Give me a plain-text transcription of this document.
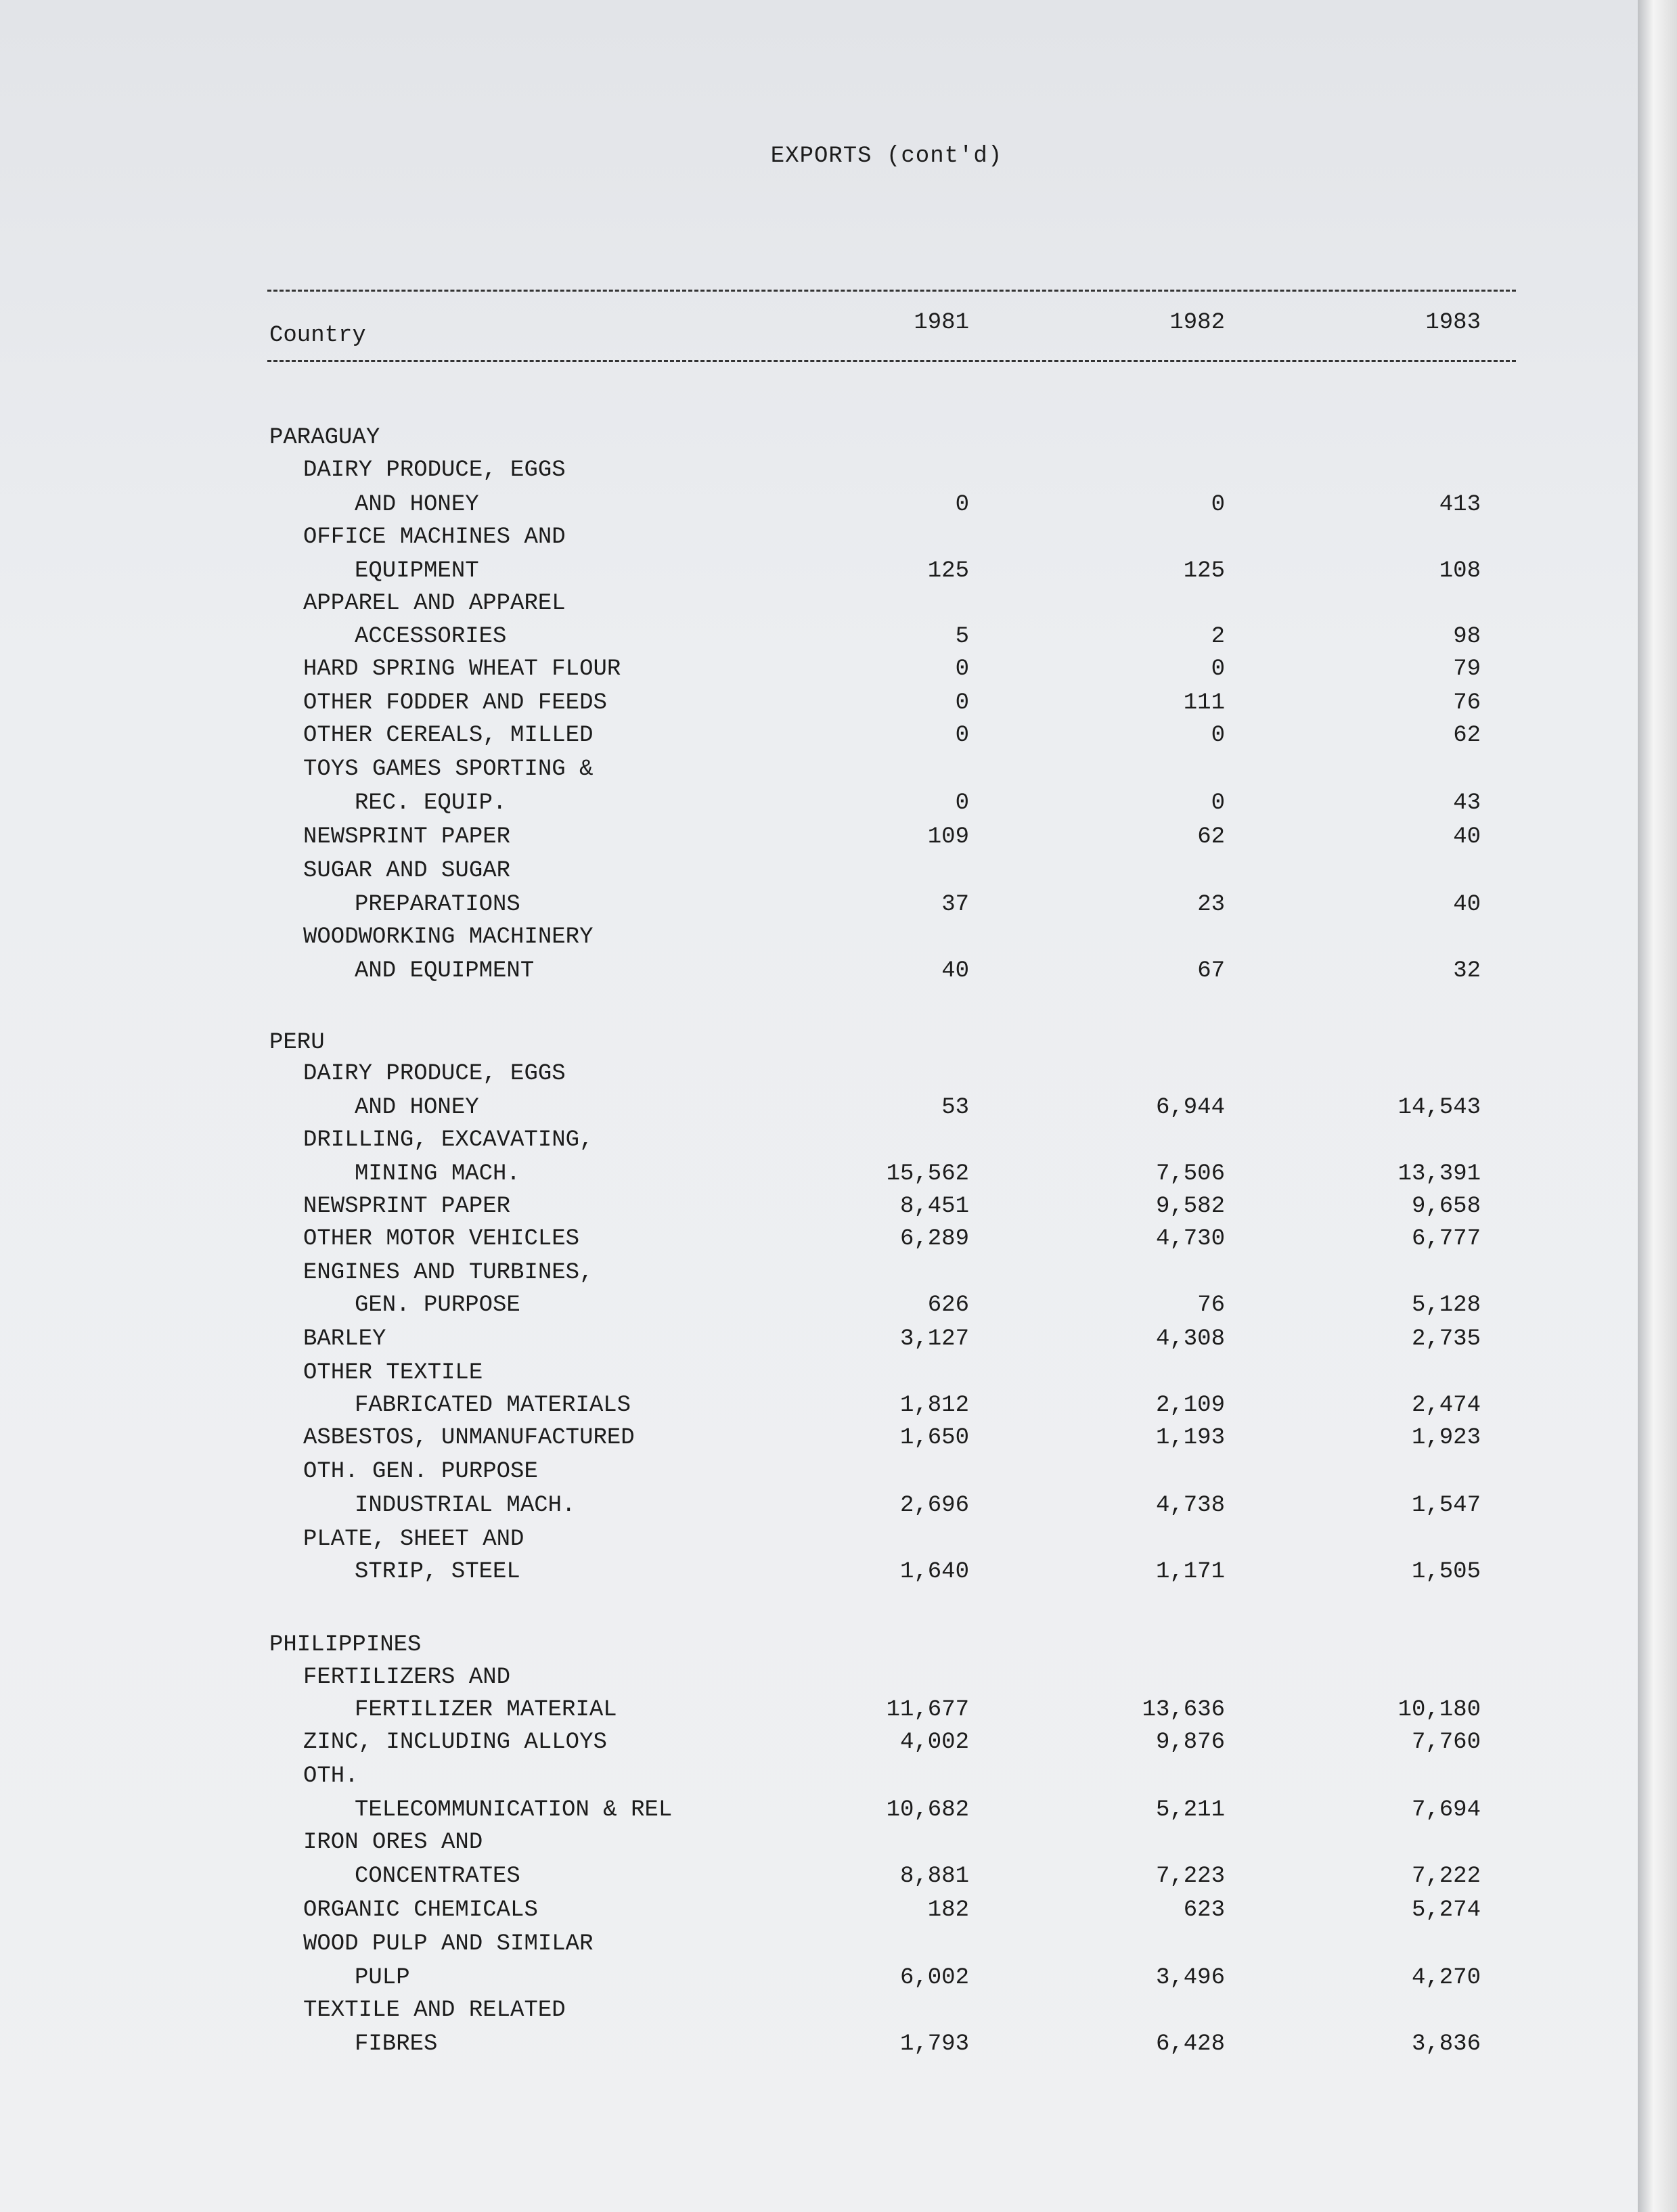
EXPORTS (cont'd)
Country	1981	1982	1983
PARAGUAY
DAIRY PRODUCE, EGGS
AND HONEY	0	0	413
OFFICE MACHINES AND
EQUIPMENT	125	125	108
APPAREL AND APPAREL
ACCESSORIES	5	2	98
HARD SPRING WHEAT FLOUR	0	0	79
OTHER FODDER AND FEEDS	0	111	76
OTHER CEREALS, MILLED	0	0	62
TOYS GAMES SPORTING &
REC. EQUIP.	0	0	43
NEWSPRINT PAPER	109	62	40
SUGAR AND SUGAR
PREPARATIONS	37	23	40
WOODWORKING MACHINERY
AND EQUIPMENT	40	67	32
PERU
DAIRY PRODUCE, EGGS
AND HONEY	53	6,944	14,543
DRILLING, EXCAVATING,
MINING MACH.	15,562	7,506	13,391
NEWSPRINT PAPER	8,451	9,582	9,658
OTHER MOTOR VEHICLES	6,289	4,730	6,777
ENGINES AND TURBINES,
GEN. PURPOSE	626	76	5,128
BARLEY	3,127	4,308	2,735
OTHER TEXTILE
FABRICATED MATERIALS	1,812	2,109	2,474
ASBESTOS, UNMANUFACTURED	1,650	1,193	1,923
OTH. GEN. PURPOSE
INDUSTRIAL MACH.	2,696	4,738	1,547
PLATE, SHEET AND
STRIP, STEEL	1,640	1,171	1,505
PHILIPPINES
FERTILIZERS AND
FERTILIZER MATERIAL	11,677	13,636	10,180
ZINC, INCLUDING ALLOYS	4,002	9,876	7,760
OTH.
TELECOMMUNICATION & REL	10,682	5,211	7,694
IRON ORES AND
CONCENTRATES	8,881	7,223	7,222
ORGANIC CHEMICALS	182	623	5,274
WOOD PULP AND SIMILAR
PULP	6,002	3,496	4,270
TEXTILE AND RELATED
FIBRES	1,793	6,428	3,836
